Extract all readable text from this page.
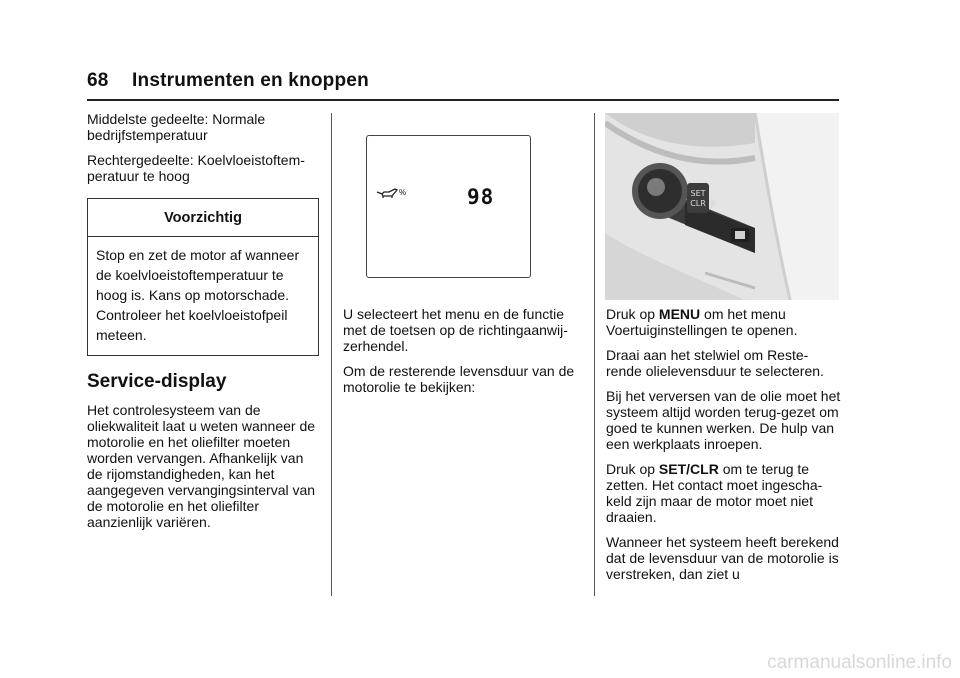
68 Instrumenten en knoppen

Middelste gedeelte: Normale bedrijfstemperatuur

Rechtergedeelte: Koelvloeistoftem-peratuur te hoog

Voorzichtig
Stop en zet de motor af wanneer de koelvloeistoftemperatuur te hoog is. Kans op motorschade. Controleer het koelvloeistofpeil meteen.
Service-display

Het controlesysteem van de oliekwaliteit laat u weten wanneer de motorolie en het oliefilter moeten worden vervangen. Afhankelijk van de rijomstandigheden, kan het aangegeven vervangingsinterval van de motorolie en het oliefilter aanzienlijk variëren.

%	98

U selecteert het menu en de functie met de toetsen op de richtingaanwij-zerhendel.

Om de resterende levensduur van de motorolie te bekijken:

SET
CLR

Druk op MENU om het menu Voertuiginstellingen te openen.

Draai aan het stelwiel om Reste-rende olielevensduur te selecteren.

Bij het verversen van de olie moet het systeem altijd worden terug-gezet om goed te kunnen werken. De hulp van een werkplaats inroepen.

Druk op SET/CLR om te terug te zetten. Het contact moet ingescha-keld zijn maar de motor moet niet draaien.

Wanneer het systeem heeft berekend dat de levensduur van de motorolie is verstreken, dan ziet u

carmanualsonline.info
